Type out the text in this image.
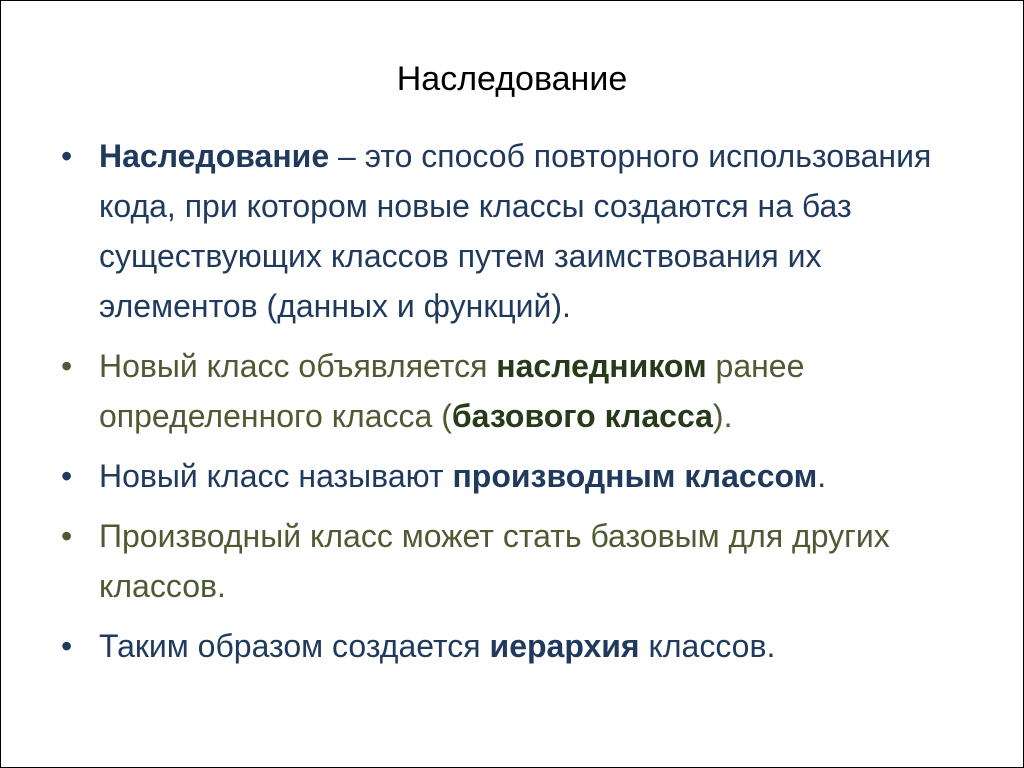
Наследование
• Наследование – это способ повторного использования кода, при котором новые классы создаются на баз существующих классов путем заимствования их элементов (данных и функций).
• Новый класс объявляется наследником ранее определенного класса (базового класса).
• Новый класс называют производным классом.
• Производный класс может стать базовым для других классов.
• Таким образом создается иерархия классов.
